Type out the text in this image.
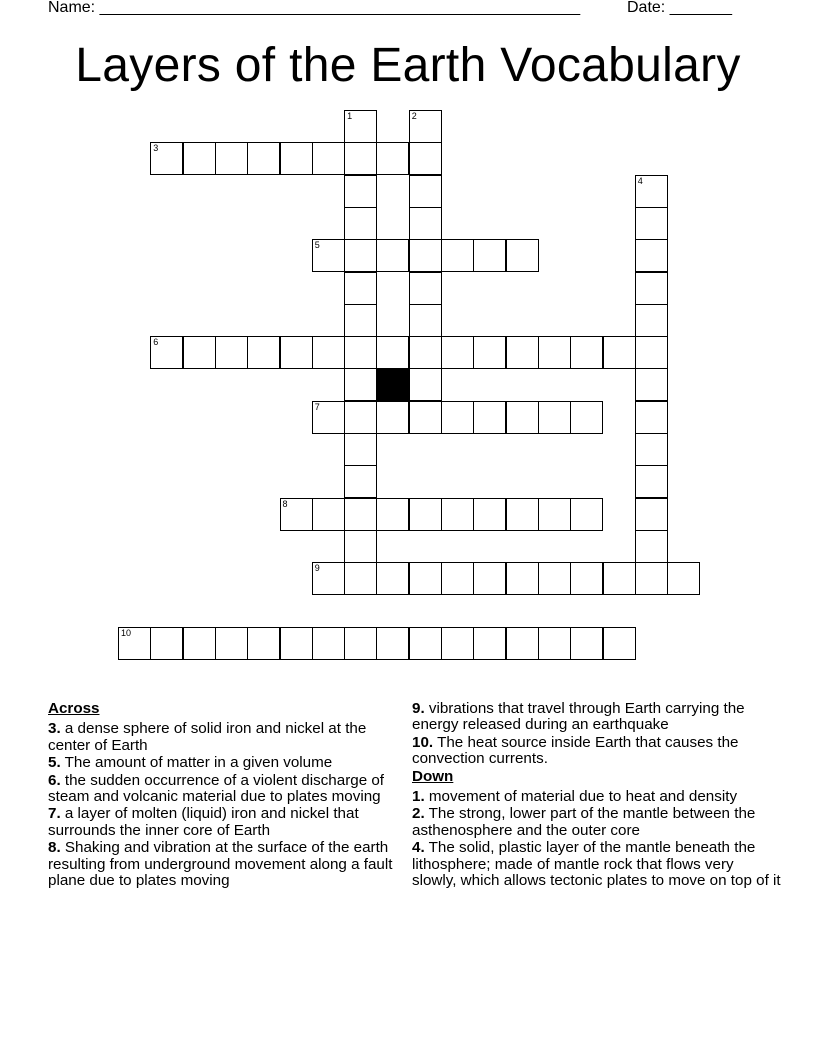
Name: ______________________________________________________	Date: _______
Layers of the Earth Vocabulary
1	2
3
4
5
6
7
8
9
10
Across
3. a dense sphere of solid iron and nickel at the center of Earth
5. The amount of matter in a given volume
6. the sudden occurrence of a violent discharge of steam and volcanic material due to plates moving
7. a layer of molten (liquid) iron and nickel that surrounds the inner core of Earth
8. Shaking and vibration at the surface of the earth resulting from underground movement along a fault plane due to plates moving
9. vibrations that travel through Earth carrying the energy released during an earthquake
10. The heat source inside Earth that causes the convection currents.
Down
1. movement of material due to heat and density
2. The strong, lower part of the mantle between the asthenosphere and the outer core
4. The solid, plastic layer of the mantle beneath the lithosphere; made of mantle rock that flows very slowly, which allows tectonic plates to move on top of it
